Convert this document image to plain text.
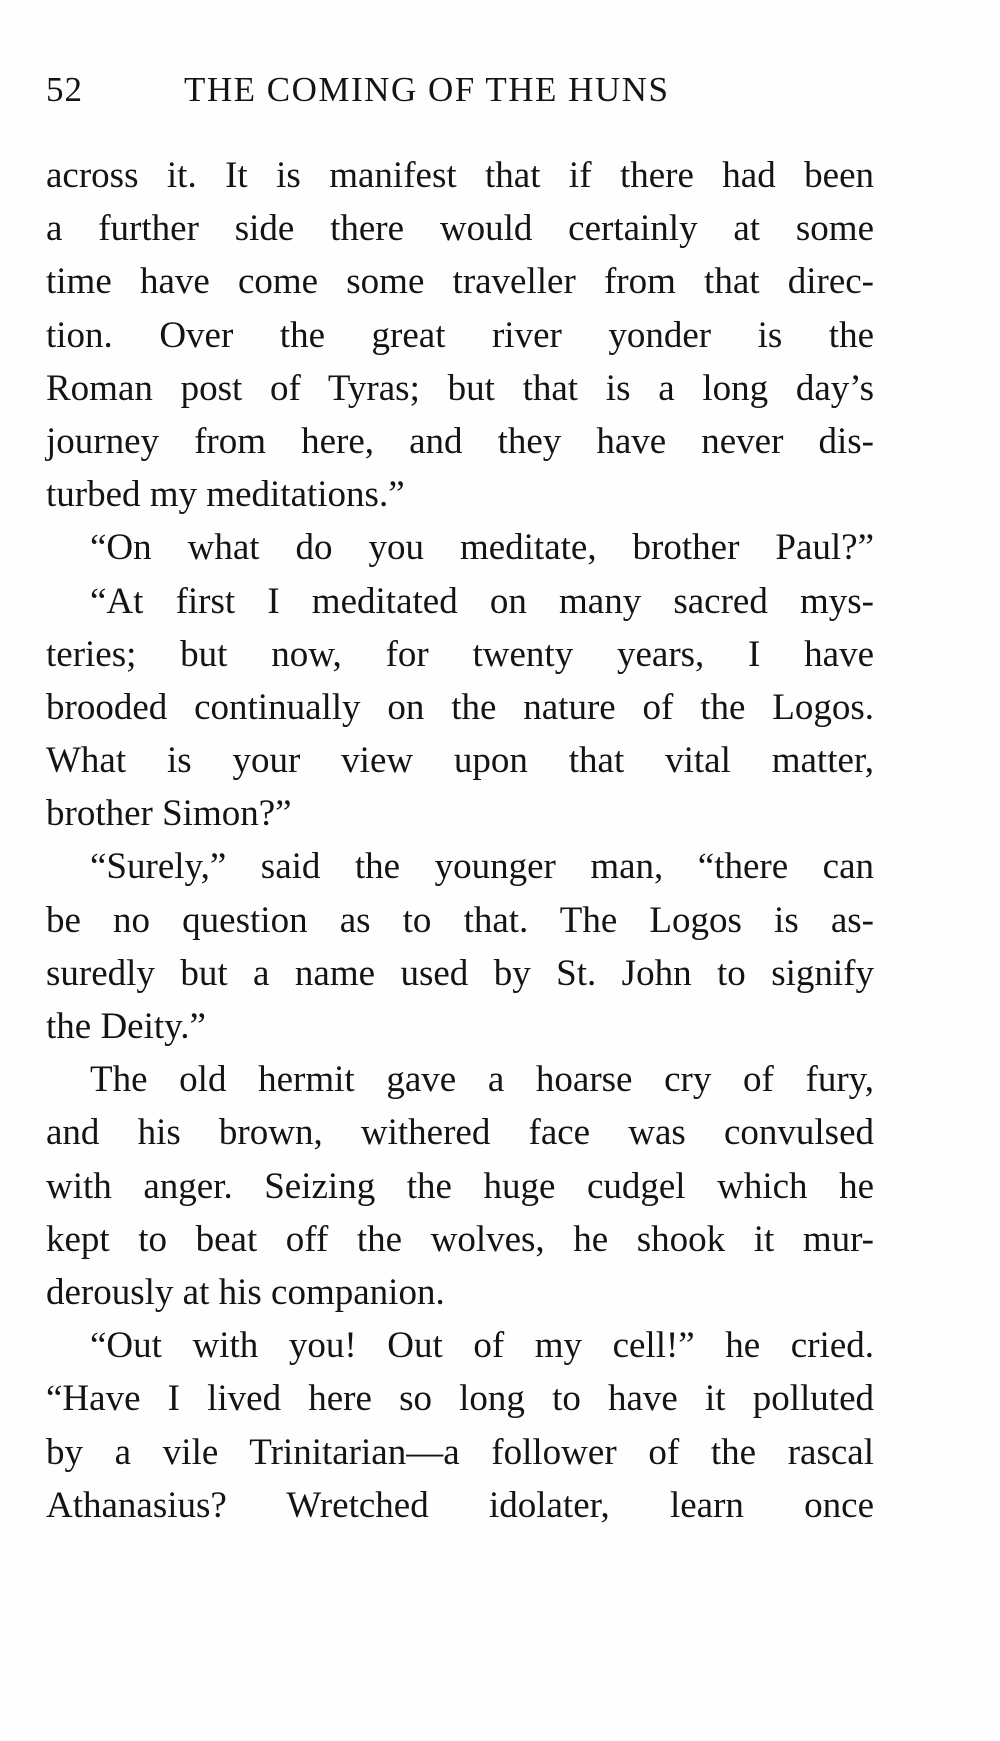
52	THE COMING OF THE HUNS
across it. It is manifest that if there had been
a further side there would certainly at some
time have come some traveller from that direc-
tion. Over the great river yonder is the
Roman post of Tyras; but that is a long day’s
journey from here, and they have never dis-
turbed my meditations.”
“On what do you meditate, brother Paul?”
“At first I meditated on many sacred mys-
teries; but now, for twenty years, I have
brooded continually on the nature of the Logos.
What is your view upon that vital matter,
brother Simon?”
“Surely,” said the younger man, “there can
be no question as to that. The Logos is as-
suredly but a name used by St. John to signify
the Deity.”
The old hermit gave a hoarse cry of fury,
and his brown, withered face was convulsed
with anger. Seizing the huge cudgel which he
kept to beat off the wolves, he shook it mur-
derously at his companion.
“Out with you! Out of my cell!” he cried.
“Have I lived here so long to have it polluted
by a vile Trinitarian—a follower of the rascal
Athanasius? Wretched idolater, learn once
